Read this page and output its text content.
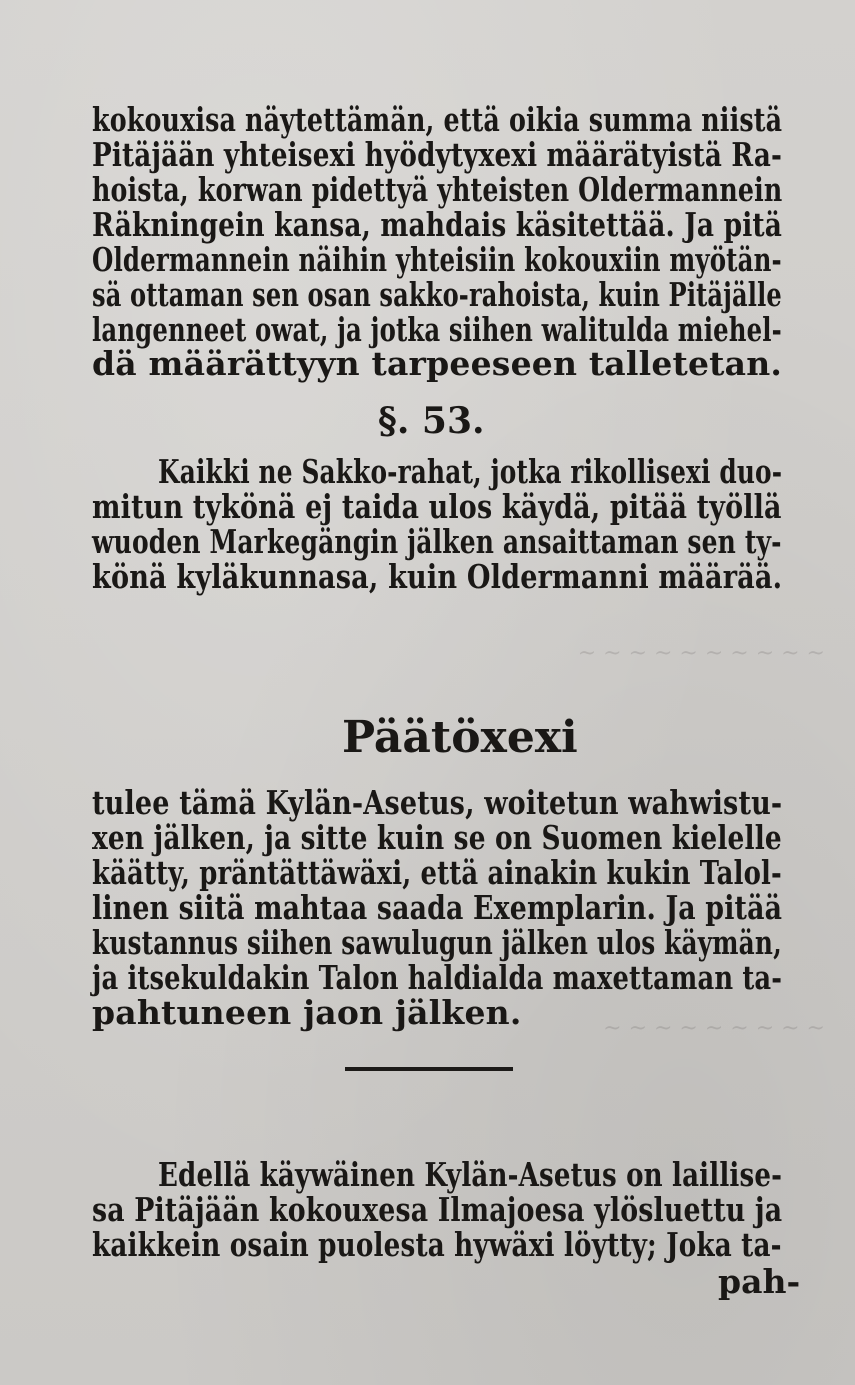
~ ~ ~ ~ ~ ~ ~ ~ ~ ~
~ ~ ~ ~ ~ ~ ~ ~ ~
kokouxisa näytettämän, että oikia summa niistä
Pitäjään yhteisexi hyödytyxexi määrätyistä Ra-
hoista, korwan pidettyä yhteisten Oldermannein
Räkningein kansa, mahdais käsitettää. Ja pitä
Oldermannein näihin yhteisiin kokouxiin myötän-
sä ottaman sen osan sakko-rahoista, kuin Pitäjälle
langenneet owat, ja jotka siihen walitulda miehel-
dä määrättyyn tarpeeseen talletetan.
§. 53.
Kaikki ne Sakko-rahat, jotka rikollisexi duo-
mitun tykönä ej taida ulos käydä, pitää työllä
wuoden Markegängin jälken ansaittaman sen ty-
könä kyläkunnasa, kuin Oldermanni määrää.
Päätöxexi
tulee tämä Kylän-Asetus, woitetun wahwistu-
xen jälken, ja sitte kuin se on Suomen kielelle
käätty, präntättäwäxi, että ainakin kukin Talol-
linen siitä mahtaa saada Exemplarin. Ja pitää
kustannus siihen sawulugun jälken ulos käymän,
ja itsekuldakin Talon haldialda maxettaman ta-
pahtuneen jaon jälken.
Edellä käywäinen Kylän-Asetus on laillise-
sa Pitäjään kokouxesa Ilmajoesa ylösluettu ja
kaikkein osain puolesta hywäxi löytty; Joka ta-
pah-
